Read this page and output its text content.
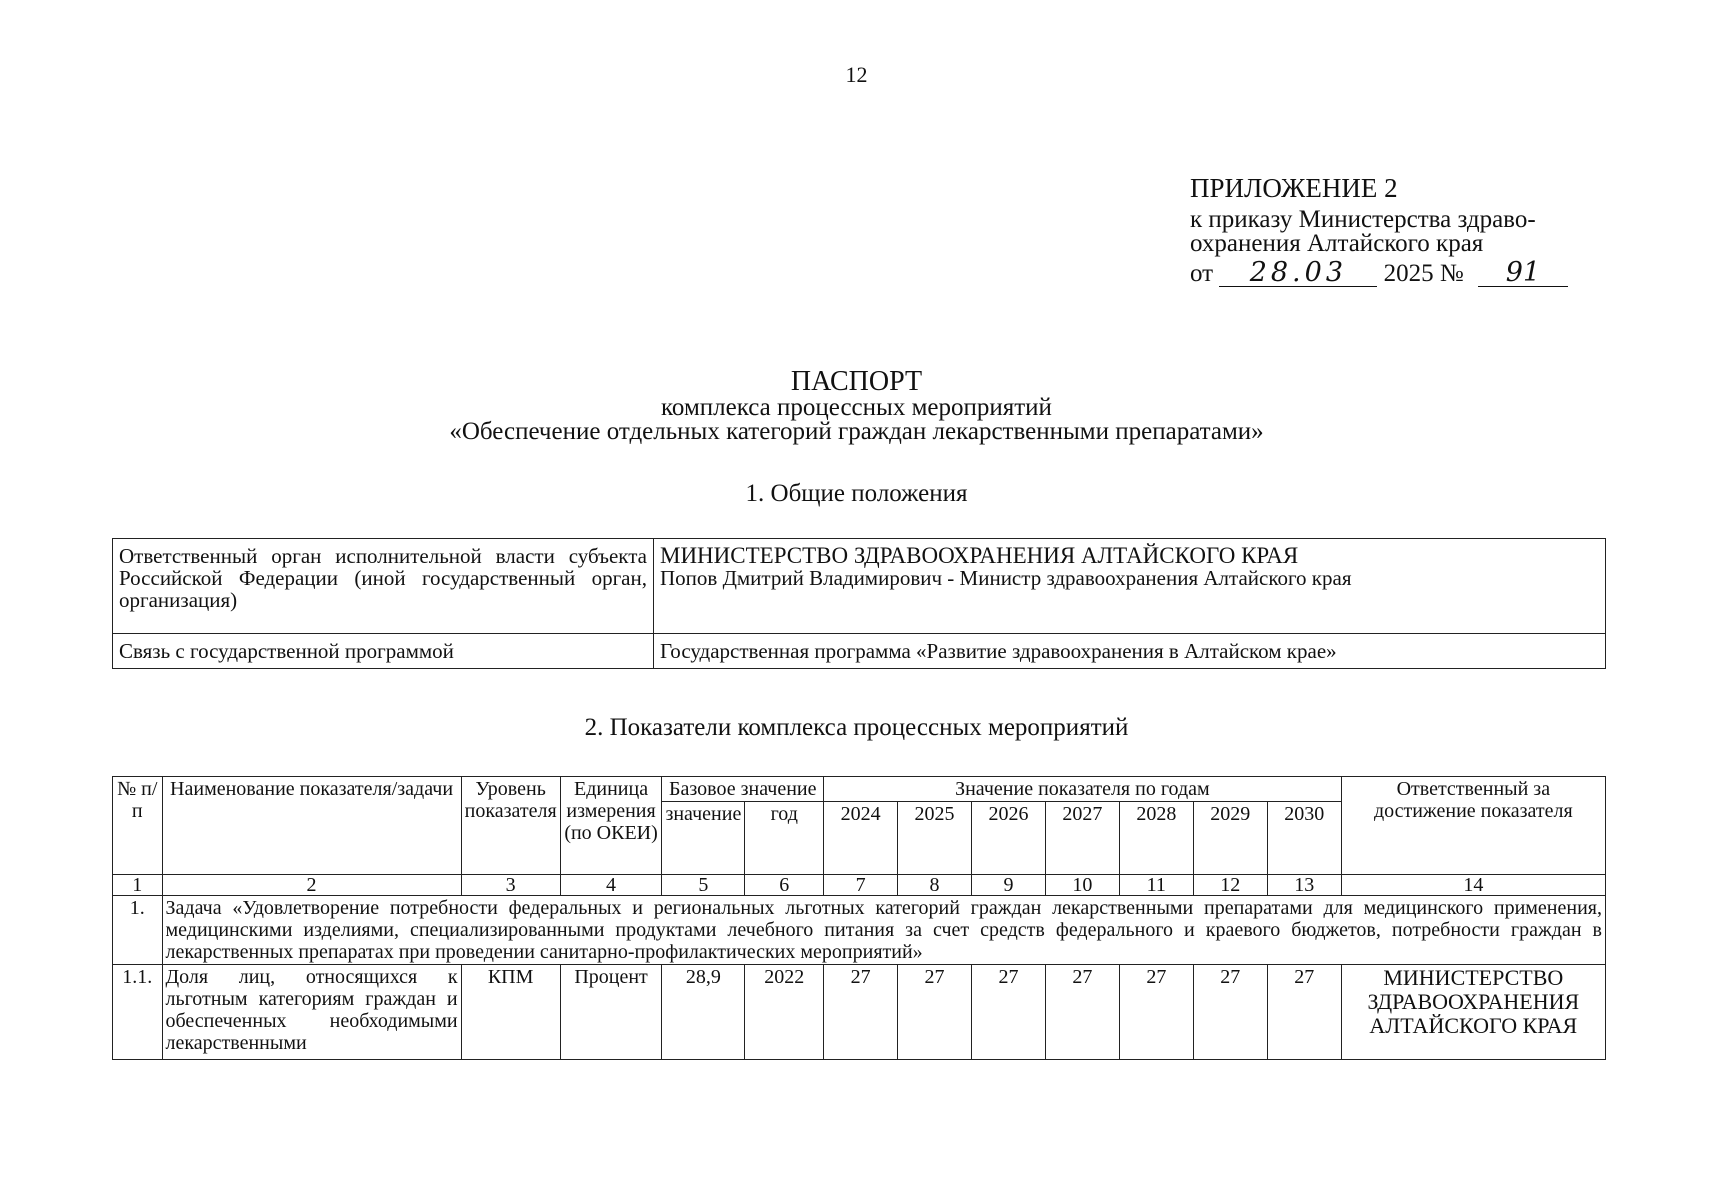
12
ПРИЛОЖЕНИЕ 2
к приказу Министерства здраво-
охранения Алтайского края
от 28.03 2025 № 91
ПАСПОРТ
комплекса процессных мероприятий
«Обеспечение отдельных категорий граждан лекарственными препаратами»
1. Общие положения
Ответственный орган исполнительной власти субъекта Российской Федерации (иной государственный орган, организация)	МИНИСТЕРСТВО ЗДРАВООХРАНЕНИЯ АЛТАЙСКОГО КРАЯ
Попов Дмитрий Владимирович - Министр здравоохранения Алтайского края

Связь с государственной программой	Государственная программа «Развитие здравоохранения в Алтайском крае»
2. Показатели комплекса процессных мероприятий
№ п/п	Наименование показателя/задачи	Уровень показателя	Единица измерения (по ОКЕИ)	Базовое значение		Значение показателя по годам							Ответственный за достижение показателя
				значение	год	2024	2025	2026	2027	2028	2029	2030	
1	2	3	4	5	6	7	8	9	10	11	12	13	14
1.	Задача «Удовлетворение потребности федеральных и региональных льготных категорий граждан лекарственными препаратами для медицинского применения, медицинскими изделиями, специализированными продуктами лечебного питания за счет средств федерального и краевого бюджетов, потребности граждан в лекарственных препаратах при проведении санитарно-профилактических мероприятий»												
1.1.	Доля лиц, относящихся к льготным категориям граждан и обеспеченных необходимыми лекарственными	КПМ	Процент	28,9	2022	27	27	27	27	27	27	27	МИНИСТЕРСТВО ЗДРАВООХРАНЕНИЯ АЛТАЙСКОГО КРАЯ
